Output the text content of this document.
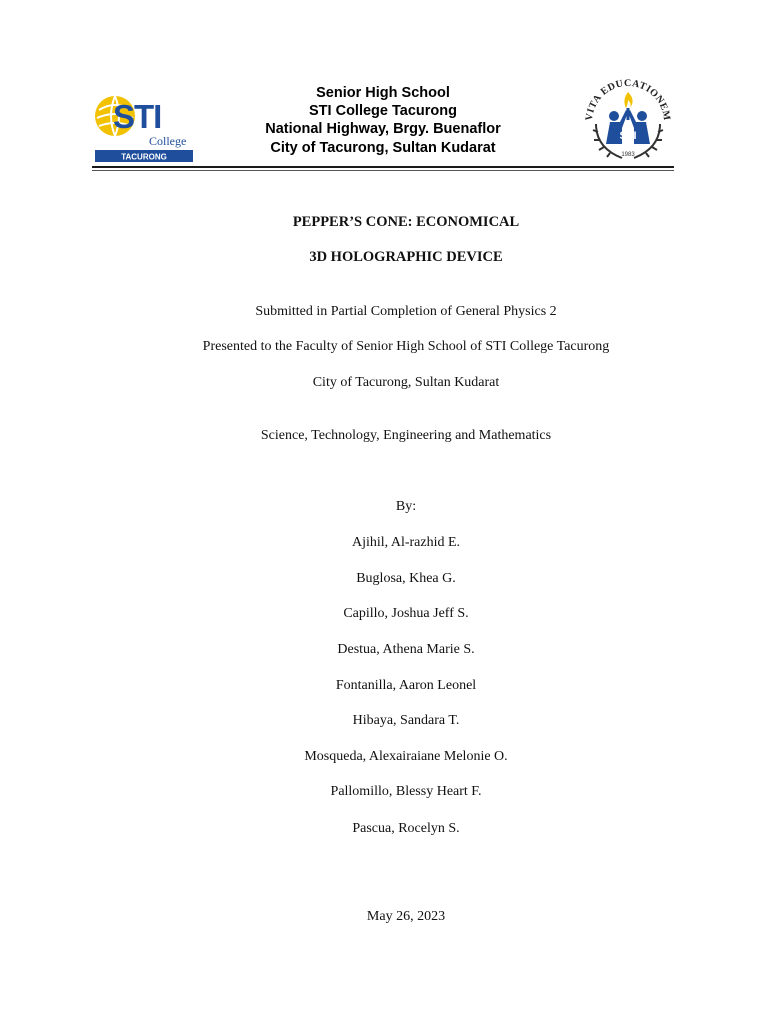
STI
College
TACURONG
Senior High School
STI College Tacurong
National Highway, Brgy. Buenaflor
City of Tacurong, Sultan Kudarat
VITA EDUCATIONEM
STI
1983
PEPPER’S CONE: ECONOMICAL
3D HOLOGRAPHIC DEVICE
Submitted in Partial Completion of General Physics 2
Presented to the Faculty of Senior High School of STI College Tacurong
City of Tacurong, Sultan Kudarat
Science, Technology, Engineering and Mathematics
By:
Ajihil, Al-razhid E.
Buglosa, Khea G.
Capillo, Joshua Jeff S.
Destua, Athena Marie S.
Fontanilla, Aaron Leonel
Hibaya, Sandara T.
Mosqueda, Alexairaiane Melonie O.
Pallomillo, Blessy Heart F.
Pascua, Rocelyn S.
May 26, 2023
